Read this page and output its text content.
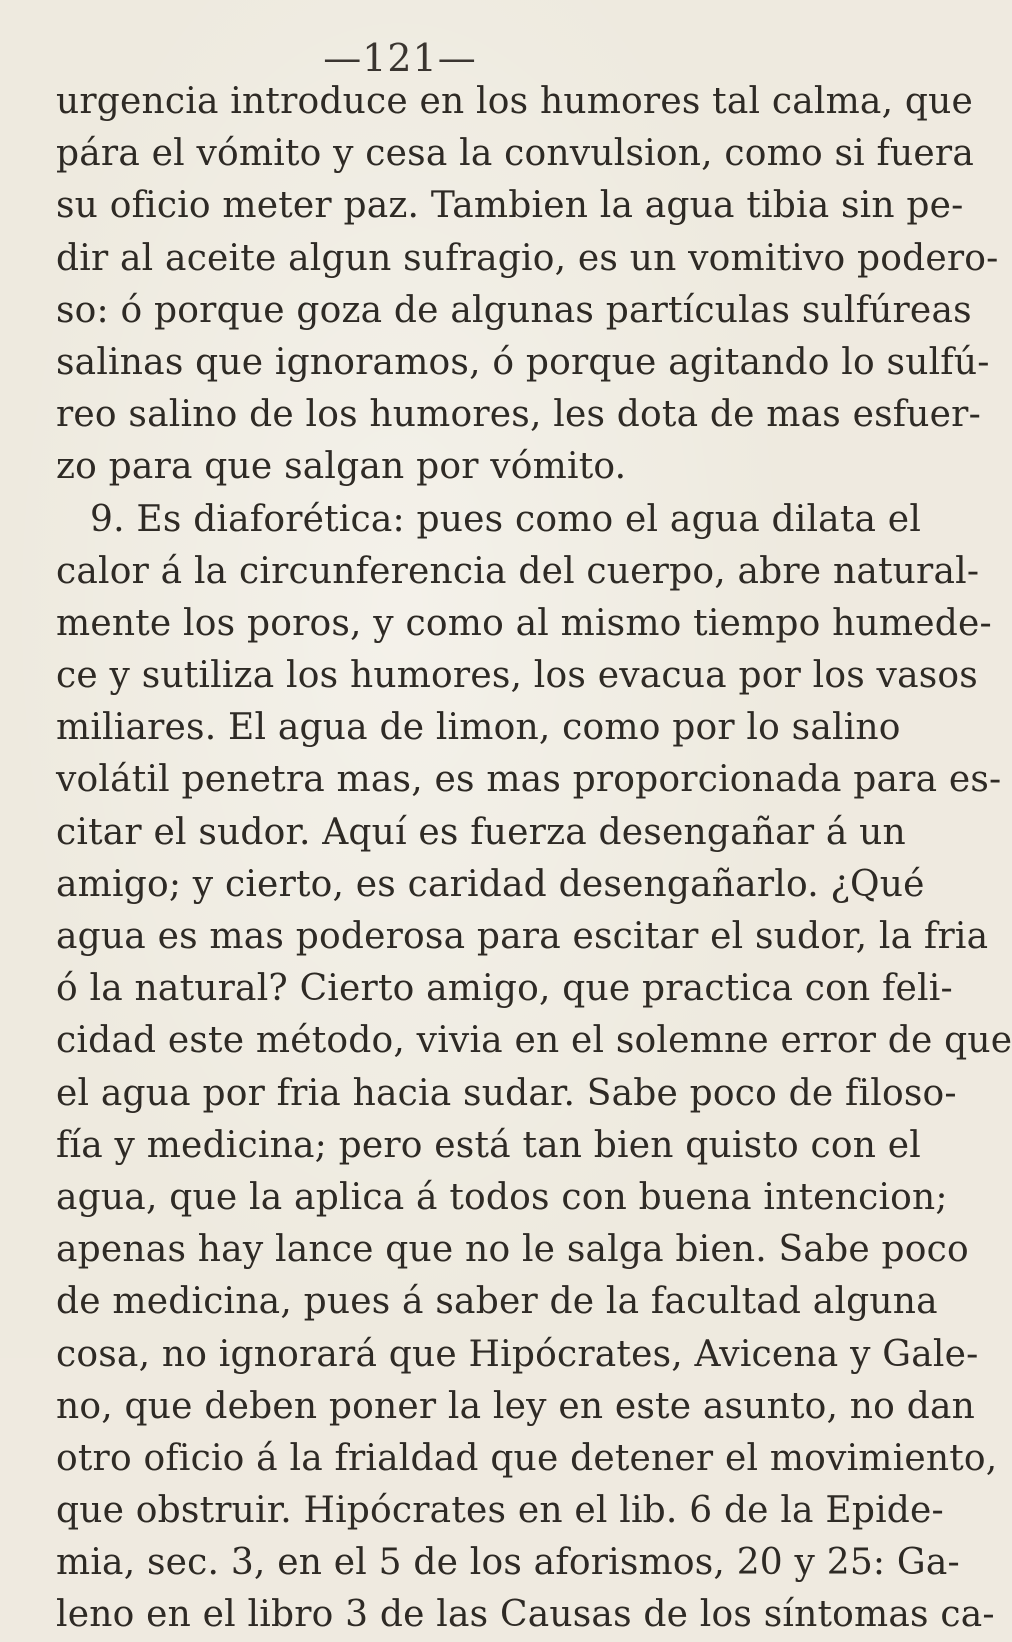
—121—
urgencia introduce en los humores tal calma, que
pára el vómito y cesa la convulsion, como si fuera
su oficio meter paz. Tambien la agua tibia sin pe-
dir al aceite algun sufragio, es un vomitivo podero-
so: ó porque goza de algunas partículas sulfúreas
salinas que ignoramos, ó porque agitando lo sulfú-
reo salino de los humores, les dota de mas esfuer-
zo para que salgan por vómito.
9. Es diaforética: pues como el agua dilata el
calor á la circunferencia del cuerpo, abre natural-
mente los poros, y como al mismo tiempo humede-
ce y sutiliza los humores, los evacua por los vasos
miliares. El agua de limon, como por lo salino
volátil penetra mas, es mas proporcionada para es-
citar el sudor. Aquí es fuerza desengañar á un
amigo; y cierto, es caridad desengañarlo. ¿Qué
agua es mas poderosa para escitar el sudor, la fria
ó la natural? Cierto amigo, que practica con feli-
cidad este método, vivia en el solemne error de que
el agua por fria hacia sudar. Sabe poco de filoso-
fía y medicina; pero está tan bien quisto con el
agua, que la aplica á todos con buena intencion;
apenas hay lance que no le salga bien. Sabe poco
de medicina, pues á saber de la facultad alguna
cosa, no ignorará que Hipócrates, Avicena y Gale-
no, que deben poner la ley en este asunto, no dan
otro oficio á la frialdad que detener el movimiento,
que obstruir. Hipócrates en el lib. 6 de la Epide-
mia, sec. 3, en el 5 de los aforismos, 20 y 25: Ga-
leno en el libro 3 de las Causas de los síntomas ca-
